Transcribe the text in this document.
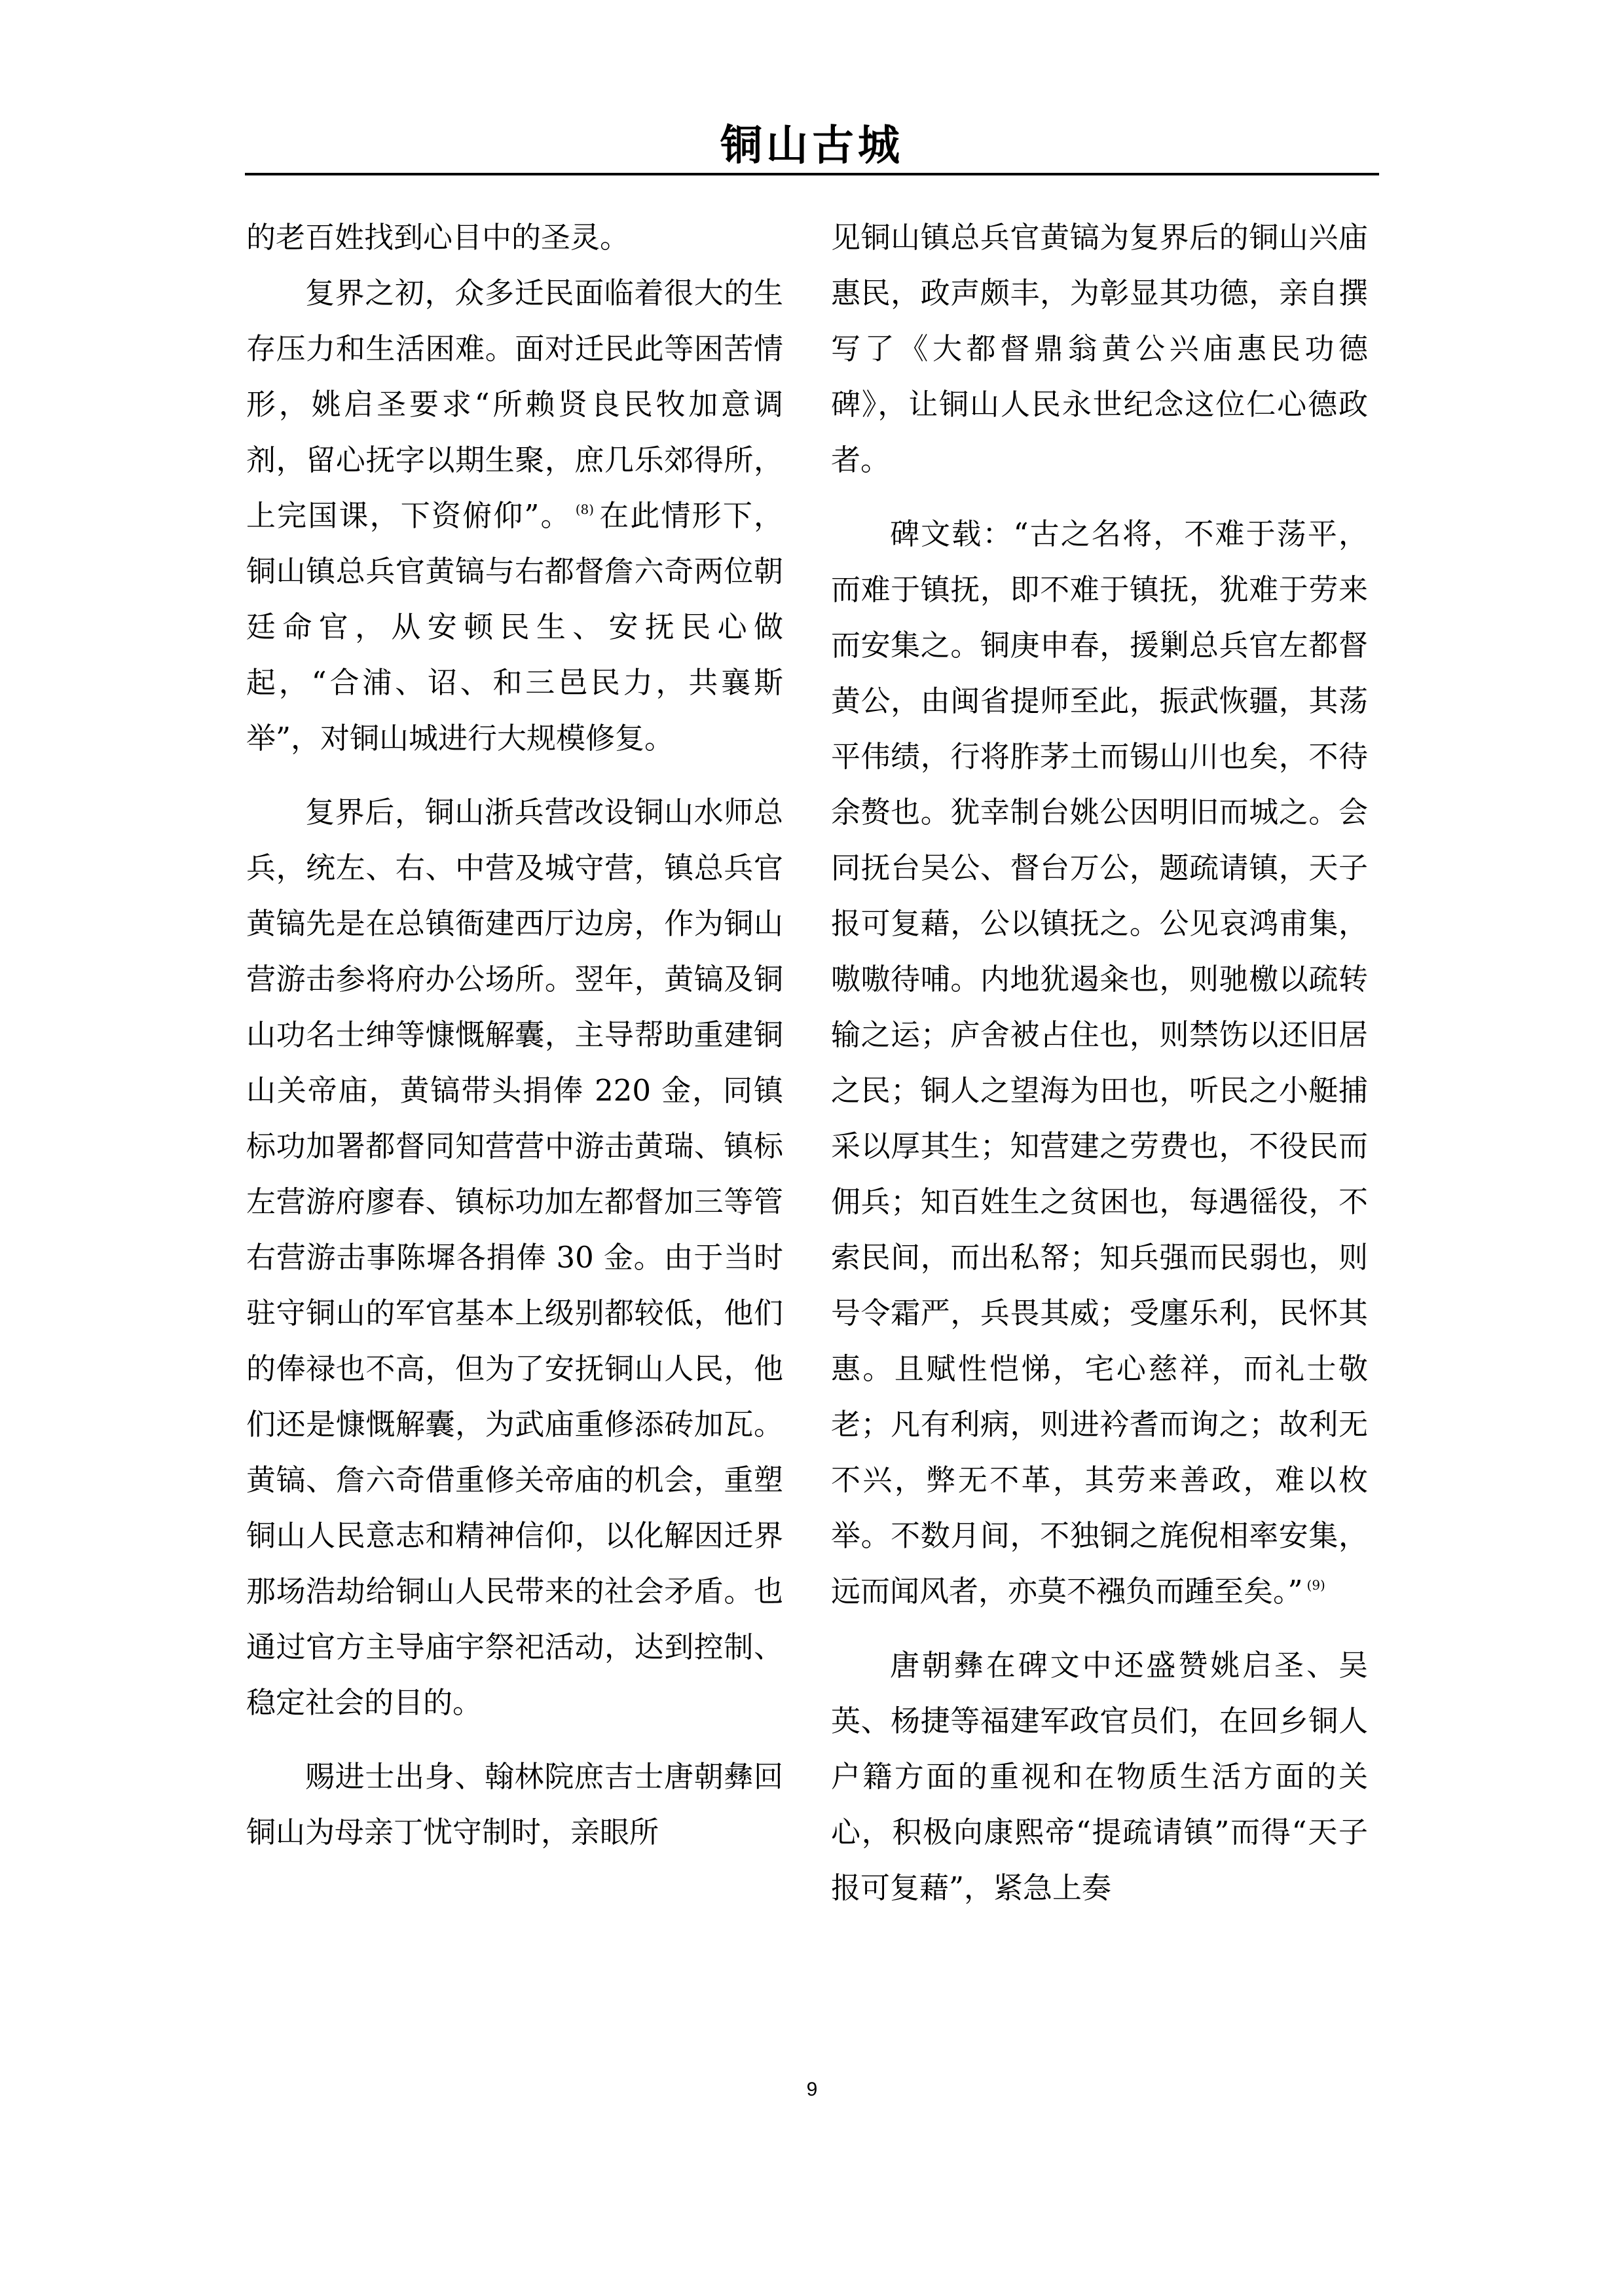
铜山古城

的老百姓找到心目中的圣灵。

复界之初，众多迁民面临着很大的生存压力和生活困难。面对迁民此等困苦情形，姚启圣要求“所赖贤良民牧加意调剂，留心抚字以期生聚，庶几乐郊得所，上完国课，下资俯仰”。 $^{(8)}$ 在此情形下，铜山镇总兵官黄镐与右都督詹六奇两位朝廷命官，从安顿民生、安抚民心做起，“合浦、诏、和三邑民力，共襄斯举”，对铜山城进行大规模修复。

复界后，铜山浙兵营改设铜山水师总兵，统左、右、中营及城守营，镇总兵官黄镐先是在总镇衙建西厅边房，作为铜山营游击参将府办公场所。翌年，黄镐及铜山功名士绅等慷慨解囊，主导帮助重建铜山关帝庙，黄镐带头捐俸 220 金，同镇标功加署都督同知营营中游击黄瑞、镇标左营游府廖春、镇标功加左都督加三等管右营游击事陈墀各捐俸 30 金。由于当时驻守铜山的军官基本上级别都较低，他们的俸禄也不高，但为了安抚铜山人民，他们还是慷慨解囊，为武庙重修添砖加瓦。黄镐、詹六奇借重修关帝庙的机会，重塑铜山人民意志和精神信仰，以化解因迁界那场浩劫给铜山人民带来的社会矛盾。也通过官方主导庙宇祭祀活动，达到控制、稳定社会的目的。

赐进士出身、翰林院庶吉士唐朝彝回铜山为母亲丁忧守制时，亲眼所

见铜山镇总兵官黄镐为复界后的铜山兴庙惠民，政声颇丰，为彰显其功德，亲自撰写了《大都督鼎翁黄公兴庙惠民功德碑》，让铜山人民永世纪念这位仁心德政者。

碑文载：“古之名将，不难于荡平，而难于镇抚，即不难于镇抚，犹难于劳来而安集之。铜庚申春，援剿总兵官左都督黄公，由闽省提师至此，振武恢疆，其荡平伟绩，行将胙茅土而锡山川也矣，不待余赘也。犹幸制台姚公因明旧而城之。会同抚台吴公、督台万公，题疏请镇，天子报可复藉，公以镇抚之。公见哀鸿甫集，嗷嗷待哺。内地犹遏籴也，则驰檄以疏转输之运；庐舍被占住也，则禁饬以还旧居之民；铜人之望海为田也，听民之小艇捕采以厚其生；知营建之劳费也，不役民而佣兵；知百姓生之贫困也，每遇徭役，不索民间，而出私帑；知兵强而民弱也，则号令霜严，兵畏其威；受廛乐利，民怀其惠。且赋性恺悌，宅心慈祥，而礼士敬老；凡有利病，则进衿耆而询之；故利无不兴，弊无不革，其劳来善政，难以枚举。不数月间，不独铜之旄倪相率安集，远而闻风者，亦莫不襁负而踵至矣。” $^{(9)}$

唐朝彝在碑文中还盛赞姚启圣、吴英、杨捷等福建军政官员们，在回乡铜人户籍方面的重视和在物质生活方面的关心，积极向康熙帝“提疏请镇”而得“天子报可复藉”，紧急上奏

9
